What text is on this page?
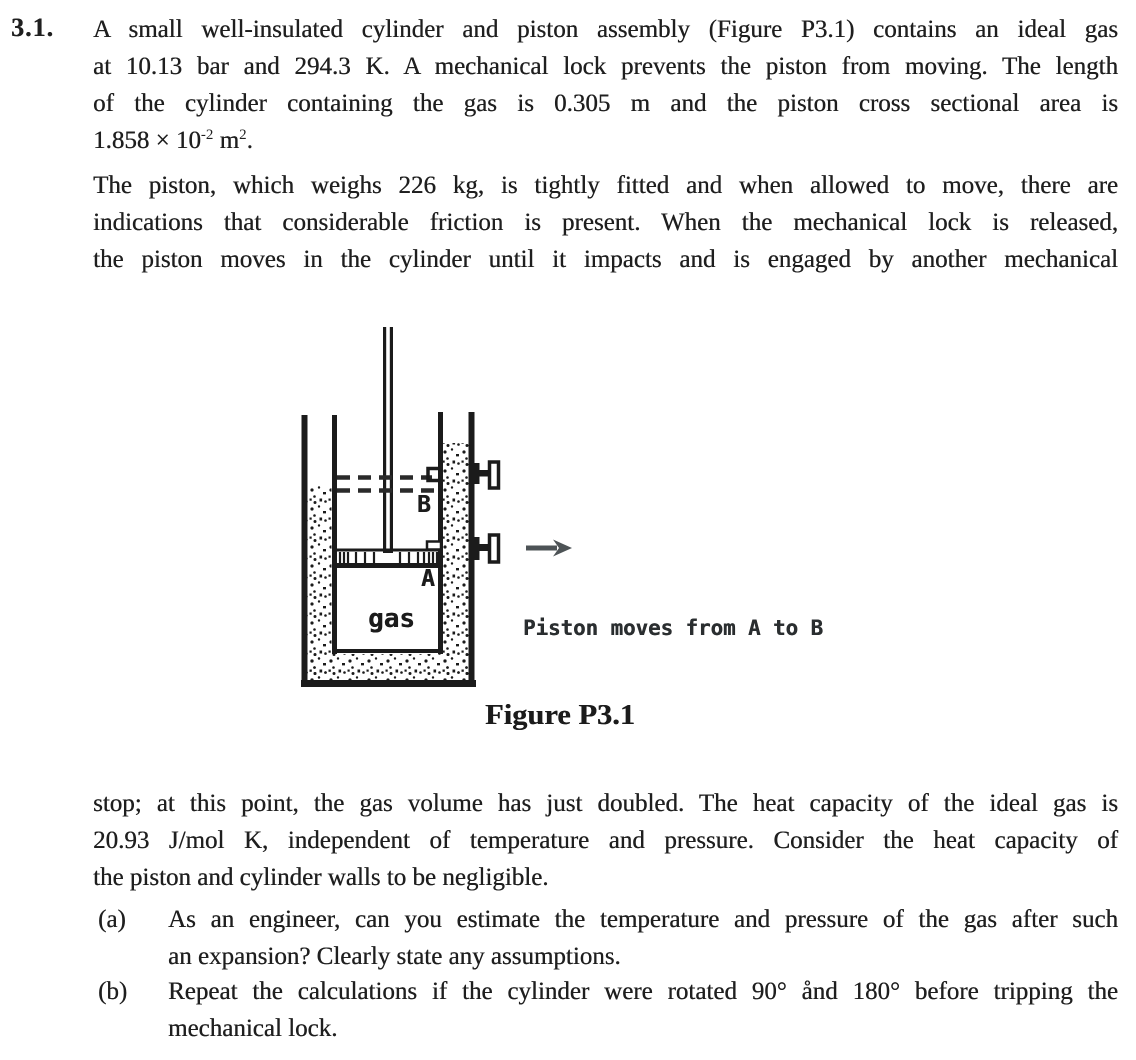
3.1. A small well-insulated cylinder and piston assembly (Figure P3.1) contains an ideal gas
at 10.13 bar and 294.3 K. A mechanical lock prevents the piston from moving. The length
of the cylinder containing the gas is 0.305 m and the piston cross sectional area is
$1.858 \times 10^{-2}$ $m^2$.
The piston, which weighs 226 kg, is tightly fitted and when allowed to move, there are
indications that considerable friction is present. When the mechanical lock is released,
the piston moves in the cylinder until it impacts and is engaged by another mechanical
B
A
gas	Piston moves from A to B
Figure P3.1
stop; at this point, the gas volume has just doubled. The heat capacity of the ideal gas is
20.93 J/mol K, independent of temperature and pressure. Consider the heat capacity of
the piston and cylinder walls to be negligible.
(a) As an engineer, can you estimate the temperature and pressure of the gas after such
an expansion? Clearly state any assumptions.
(b) Repeat the calculations if the cylinder were rotated 90° ånd 180° before tripping the
mechanical lock.
